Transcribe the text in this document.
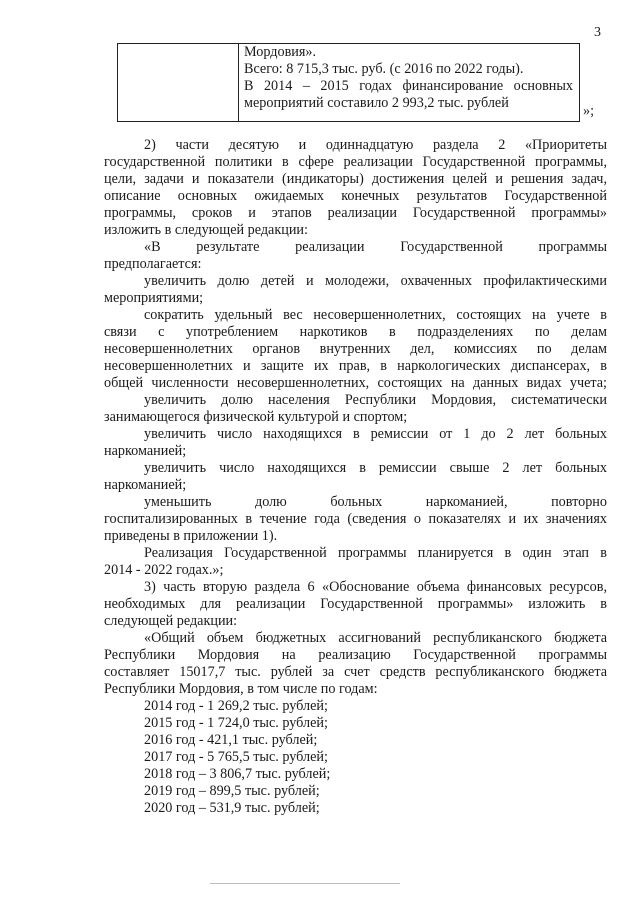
3
Мордовия».
Всего: 8 715,3 тыс. руб. (с 2016 по 2022 годы).
В 2014 – 2015 годах финансирование основных
мероприятий составило 2 993,2 тыс. рублей	»;
2) части десятую и одиннадцатую раздела 2 «Приоритеты
государственной политики в сфере реализации Государственной программы,
цели, задачи и показатели (индикаторы) достижения целей и решения задач,
описание основных ожидаемых конечных результатов Государственной
программы, сроков и этапов реализации Государственной программы»
изложить в следующей редакции:
«В результате реализации Государственной программы
предполагается:
увеличить долю детей и молодежи, охваченных профилактическими
мероприятиями;
сократить удельный вес несовершеннолетних, состоящих на учете в
связи с употреблением наркотиков в подразделениях по делам
несовершеннолетних органов внутренних дел, комиссиях по делам
несовершеннолетних и защите их прав, в наркологических диспансерах, в
общей численности несовершеннолетних, состоящих на данных видах учета;
увеличить долю населения Республики Мордовия, систематически
занимающегося физической культурой и спортом;
увеличить число находящихся в ремиссии от 1 до 2 лет больных
наркоманией;
увеличить число находящихся в ремиссии свыше 2 лет больных
наркоманией;
уменьшить долю больных наркоманией, повторно
госпитализированных в течение года (сведения о показателях и их значениях
приведены в приложении 1).
Реализация Государственной программы планируется в один этап в
2014 - 2022 годах.»;
3) часть вторую раздела 6 «Обоснование объема финансовых ресурсов,
необходимых для реализации Государственной программы» изложить в
следующей редакции:
«Общий объем бюджетных ассигнований республиканского бюджета
Республики Мордовия на реализацию Государственной программы
составляет 15017,7 тыс. рублей за счет средств республиканского бюджета
Республики Мордовия, в том числе по годам:
2014 год - 1 269,2 тыс. рублей;
2015 год - 1 724,0 тыс. рублей;
2016 год - 421,1 тыс. рублей;
2017 год - 5 765,5 тыс. рублей;
2018 год – 3 806,7 тыс. рублей;
2019 год – 899,5 тыс. рублей;
2020 год – 531,9 тыс. рублей;
